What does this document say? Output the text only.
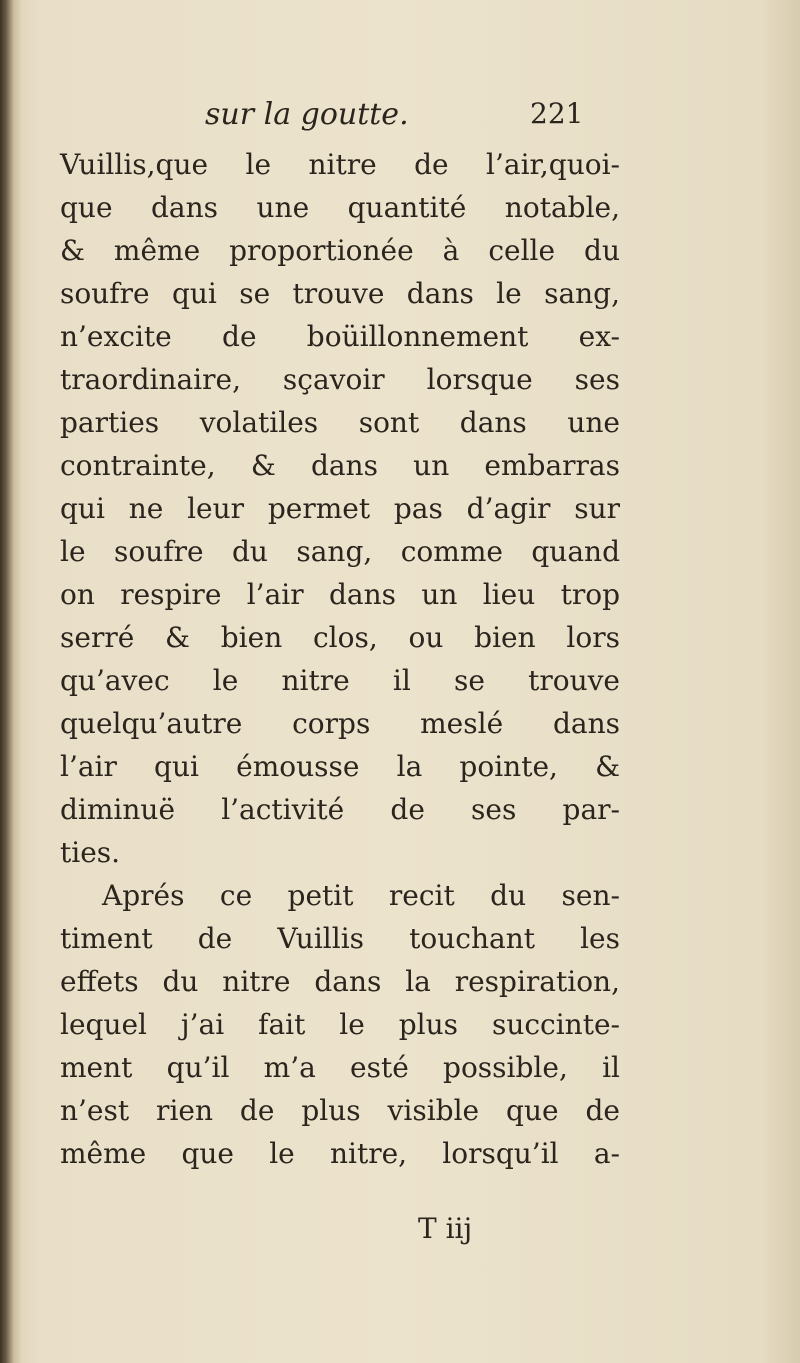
sur la goutte.	221
Vuillis,que le nitre de l’air,quoi-
que dans une quantité notable,
& même proportionée à celle du
soufre qui se trouve dans le sang,
n’excite de boüillonnement ex-
traordinaire, sçavoir lorsque ses
parties volatiles sont dans une
contrainte, & dans un embarras
qui ne leur permet pas d’agir sur
le soufre du sang, comme quand
on respire l’air dans un lieu trop
serré & bien clos, ou bien lors
qu’avec le nitre il se trouve
quelqu’autre corps meslé dans
l’air qui émousse la pointe, &
diminuë l’activité de ses par-
ties.
Aprés ce petit recit du sen-
timent de Vuillis touchant les
effets du nitre dans la respiration,
lequel j’ai fait le plus succinte-
ment qu’il m’a esté possible, il
n’est rien de plus visible que de
même que le nitre, lorsqu’il a-
T iij
